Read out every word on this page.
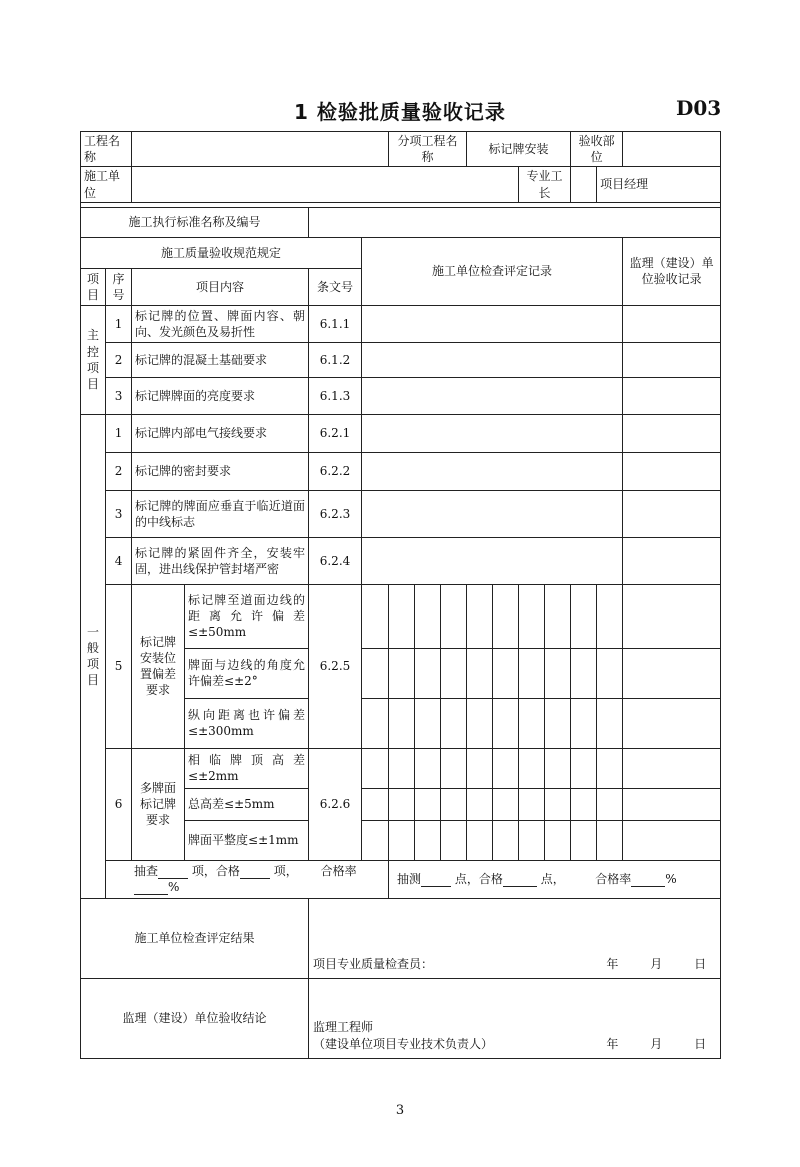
1 检验批质量验收记录	D03
工程名称						分项工程名称			标记牌安装				验收部位			
施工单位											专业工长			项目经理		

施工执行标准名称及编号																
施工质量验收规范规定					施工单位检查评定记录										监理（建设）单位验收记录	
项目	序号	项目内容		条文号												
主控项目	1	标记牌的位置、牌面内容、朝向、发光颜色及易折性		6.1.1												
	2	标记牌的混凝土基础要求		6.1.2												
	3	标记牌牌面的亮度要求		6.1.3												
一般项目	1	标记牌内部电气接线要求		6.2.1												
	2	标记牌的密封要求		6.2.2												
	3	标记牌的牌面应垂直于临近道面的中线标志		6.2.3												
	4	标记牌的紧固件齐全，安装牢固，进出线保护管封堵严密		6.2.4												
	5	标记牌安装位置偏差要求	标记牌至道面边线的距离允许偏差≤±50mm	6.2.5												
			牌面与边线的角度允许偏差≤±2°													
			纵向距离也许偏差≤±300mm													
	6	多牌面标记牌要求	相临牌顶高差≤±2mm	6.2.6												
			总高差≤±5mm													
			牌面平整度≤±1mm													
	抽查 项，合格 项， 合格率%					抽测 点，合格 点， 合格率 %										
施工单位检查评定结果				项目专业质量检查员： 年 月 日												

监理（建设）单位验收结论				监理工程师
（建设单位项目专业技术负责人） 年 月 日												
3
